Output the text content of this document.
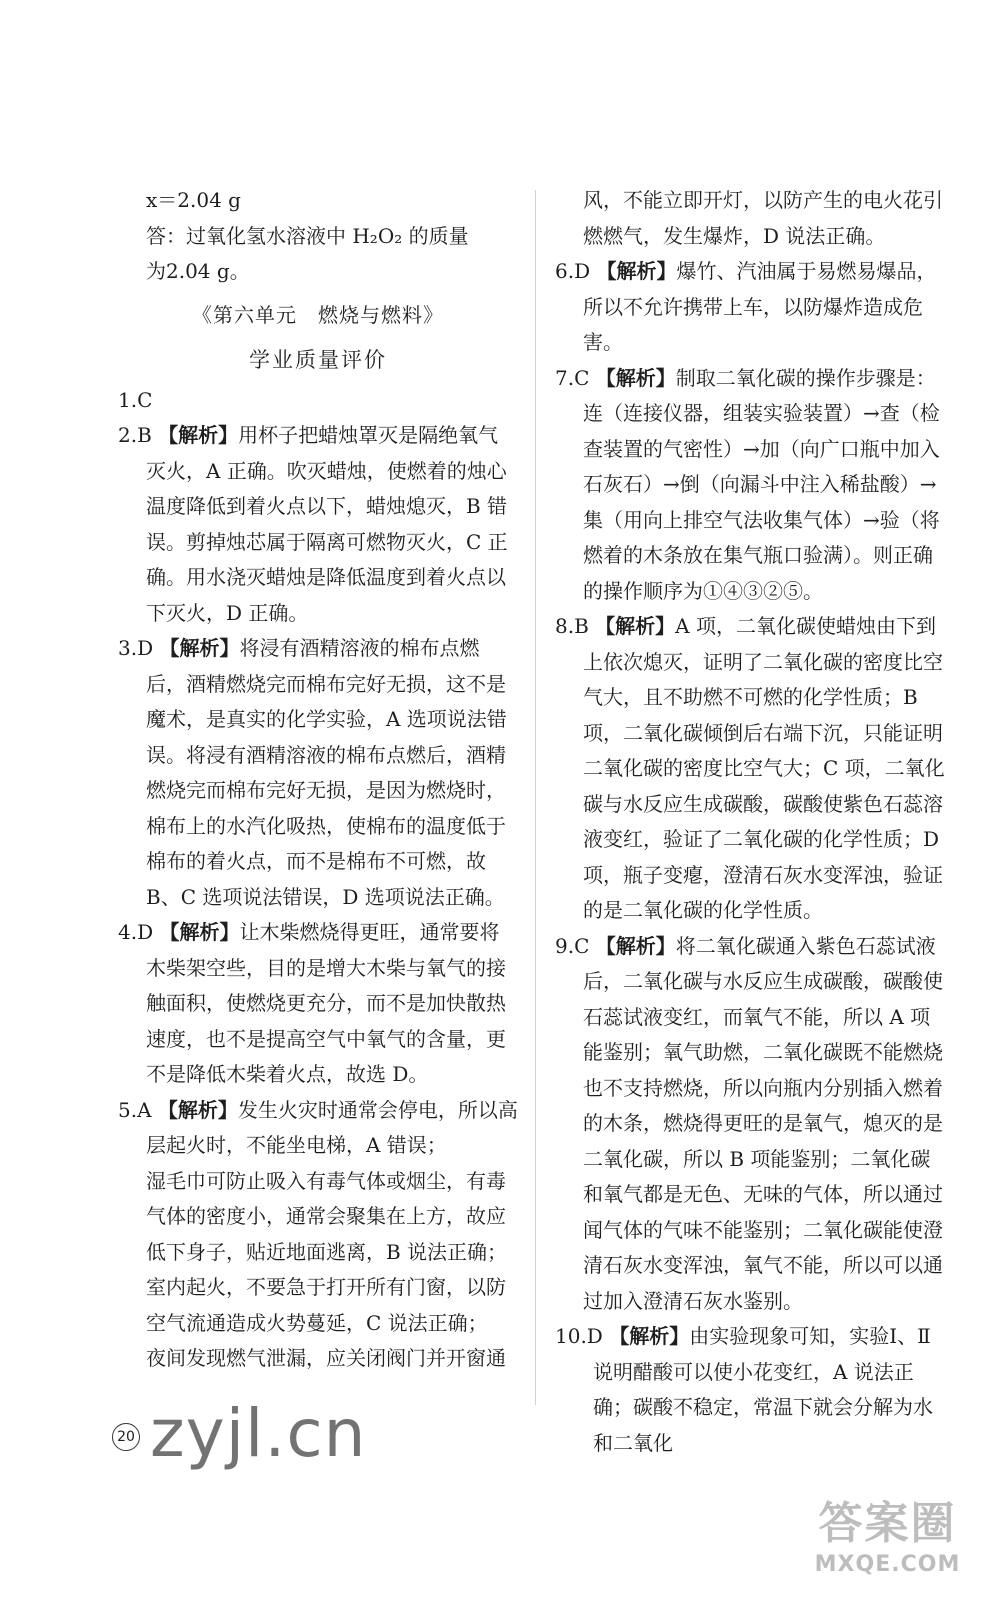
x＝2.04 g

答：过氧化氢水溶液中 H₂O₂ 的质量

为2.04 g。

《第六单元　燃烧与燃料》

学业质量评价

1.C

2.B 【解析】用杯子把蜡烛罩灭是隔绝氧气灭火，A 正确。吹灭蜡烛，使燃着的烛心温度降低到着火点以下，蜡烛熄灭，B 错误。剪掉烛芯属于隔离可燃物灭火，C 正确。用水浇灭蜡烛是降低温度到着火点以下灭火，D 正确。

3.D 【解析】将浸有酒精溶液的棉布点燃后，酒精燃烧完而棉布完好无损，这不是魔术，是真实的化学实验，A 选项说法错误。将浸有酒精溶液的棉布点燃后，酒精燃烧完而棉布完好无损，是因为燃烧时，棉布上的水汽化吸热，使棉布的温度低于棉布的着火点，而不是棉布不可燃，故 B、C 选项说法错误，D 选项说法正确。

4.D 【解析】让木柴燃烧得更旺，通常要将木柴架空些，目的是增大木柴与氧气的接触面积，使燃烧更充分，而不是加快散热速度，也不是提高空气中氧气的含量，更不是降低木柴着火点，故选 D。

5.A 【解析】发生火灾时通常会停电，所以高层起火时，不能坐电梯，A 错误；

湿毛巾可防止吸入有毒气体或烟尘，有毒气体的密度小，通常会聚集在上方，故应低下身子，贴近地面逃离，B 说法正确；

室内起火，不要急于打开所有门窗，以防空气流通造成火势蔓延，C 说法正确；

夜间发现燃气泄漏，应关闭阀门并开窗通

风，不能立即开灯，以防产生的电火花引燃燃气，发生爆炸，D 说法正确。

6.D 【解析】爆竹、汽油属于易燃易爆品，所以不允许携带上车，以防爆炸造成危害。

7.C 【解析】制取二氧化碳的操作步骤是：连（连接仪器，组装实验装置）→查（检查装置的气密性）→加（向广口瓶中加入石灰石）→倒（向漏斗中注入稀盐酸）→集（用向上排空气法收集气体）→验（将燃着的木条放在集气瓶口验满）。则正确的操作顺序为①④③②⑤。

8.B 【解析】A 项，二氧化碳使蜡烛由下到上依次熄灭，证明了二氧化碳的密度比空气大，且不助燃不可燃的化学性质；B 项，二氧化碳倾倒后右端下沉，只能证明二氧化碳的密度比空气大；C 项，二氧化碳与水反应生成碳酸，碳酸使紫色石蕊溶液变红，验证了二氧化碳的化学性质；D 项，瓶子变瘪，澄清石灰水变浑浊，验证的是二氧化碳的化学性质。

9.C 【解析】将二氧化碳通入紫色石蕊试液后，二氧化碳与水反应生成碳酸，碳酸使石蕊试液变红，而氧气不能，所以 A 项能鉴别；氧气助燃，二氧化碳既不能燃烧也不支持燃烧，所以向瓶内分别插入燃着的木条，燃烧得更旺的是氧气，熄灭的是二氧化碳，所以 B 项能鉴别；二氧化碳和氧气都是无色、无味的气体，所以通过闻气体的气味不能鉴别；二氧化碳能使澄清石灰水变浑浊，氧气不能，所以可以通过加入澄清石灰水鉴别。

10.D 【解析】由实验现象可知，实验Ⅰ、Ⅱ说明醋酸可以使小花变红，A 说法正确；碳酸不稳定，常温下就会分解为水和二氧化

20 zyjl.cn
答案圈
MXQE.COM
